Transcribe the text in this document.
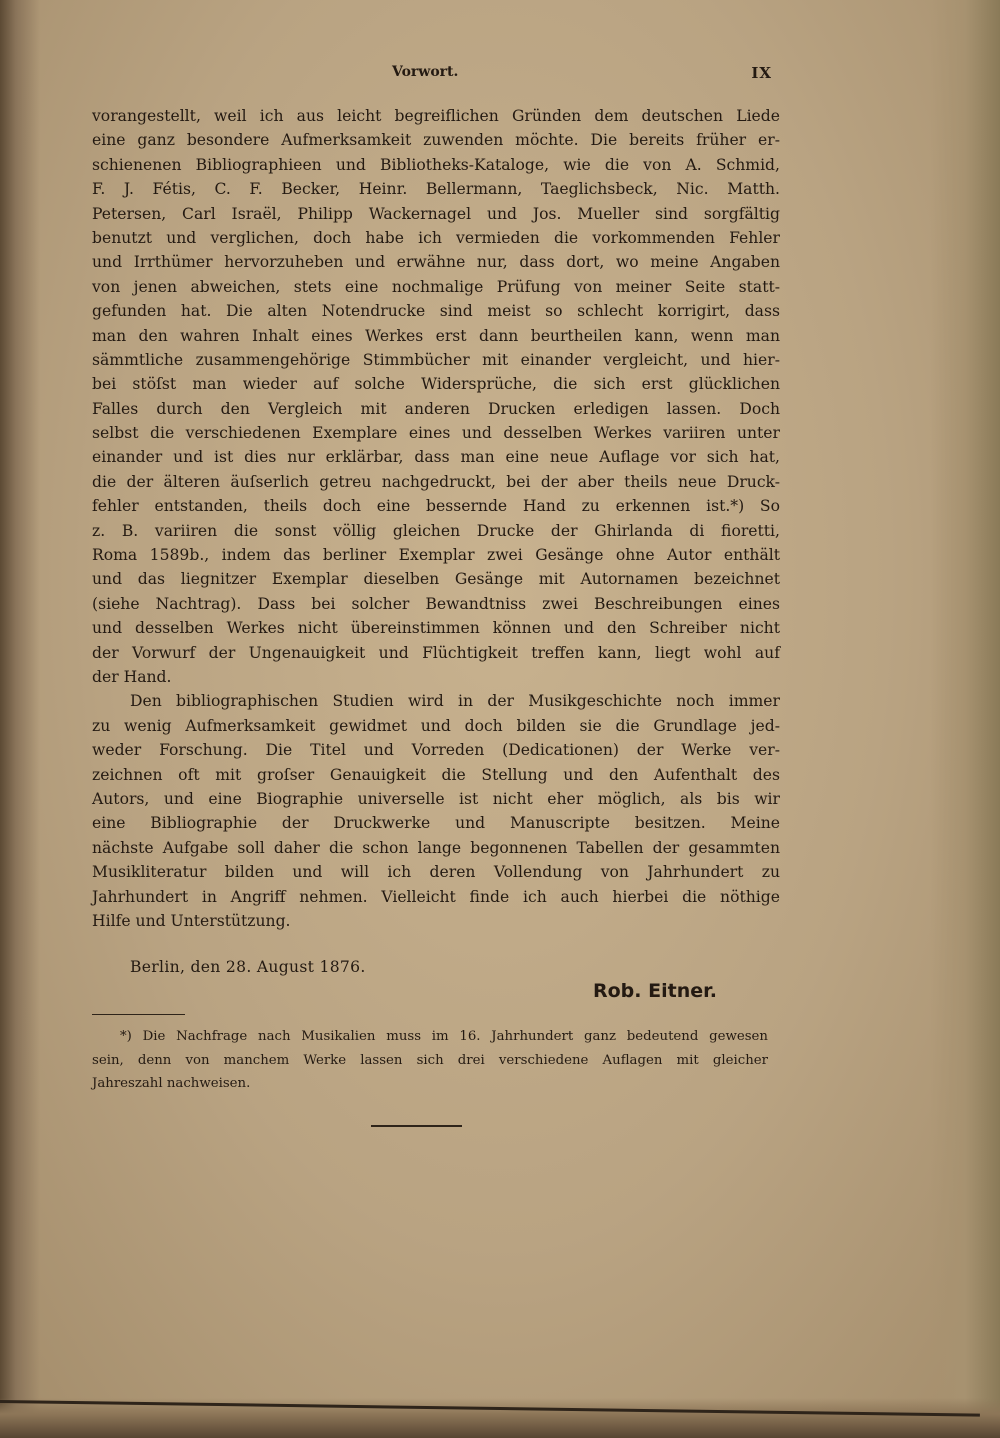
Vorwort.	IX
vorangestellt, weil ich aus leicht begreiflichen Gründen dem deutschen Liede
eine ganz besondere Aufmerksamkeit zuwenden möchte. Die bereits früher er-
schienenen Bibliographieen und Bibliotheks-Kataloge, wie die von A. Schmid,
F. J. Fétis, C. F. Becker, Heinr. Bellermann, Taeglichsbeck, Nic. Matth.
Petersen, Carl Israël, Philipp Wackernagel und Jos. Mueller sind sorgfältig
benutzt und verglichen, doch habe ich vermieden die vorkommenden Fehler
und Irrthümer hervorzuheben und erwähne nur, dass dort, wo meine Angaben
von jenen abweichen, stets eine nochmalige Prüfung von meiner Seite statt-
gefunden hat. Die alten Notendrucke sind meist so schlecht korrigirt, dass
man den wahren Inhalt eines Werkes erst dann beurtheilen kann, wenn man
sämmtliche zusammengehörige Stimmbücher mit einander vergleicht, und hier-
bei stöſst man wieder auf solche Widersprüche, die sich erst glücklichen
Falles durch den Vergleich mit anderen Drucken erledigen lassen. Doch
selbst die verschiedenen Exemplare eines und desselben Werkes variiren unter
einander und ist dies nur erklärbar, dass man eine neue Auflage vor sich hat,
die der älteren äuſserlich getreu nachgedruckt, bei der aber theils neue Druck-
fehler entstanden, theils doch eine bessernde Hand zu erkennen ist.*) So
z. B. variiren die sonst völlig gleichen Drucke der Ghirlanda di fioretti,
Roma 1589b., indem das berliner Exemplar zwei Gesänge ohne Autor enthält
und das liegnitzer Exemplar dieselben Gesänge mit Autornamen bezeichnet
(siehe Nachtrag). Dass bei solcher Bewandtniss zwei Beschreibungen eines
und desselben Werkes nicht übereinstimmen können und den Schreiber nicht
der Vorwurf der Ungenauigkeit und Flüchtigkeit treffen kann, liegt wohl auf
der Hand.
Den bibliographischen Studien wird in der Musikgeschichte noch immer
zu wenig Aufmerksamkeit gewidmet und doch bilden sie die Grundlage jed-
weder Forschung. Die Titel und Vorreden (Dedicationen) der Werke ver-
zeichnen oft mit groſser Genauigkeit die Stellung und den Aufenthalt des
Autors, und eine Biographie universelle ist nicht eher möglich, als bis wir
eine Bibliographie der Druckwerke und Manuscripte besitzen. Meine
nächste Aufgabe soll daher die schon lange begonnenen Tabellen der gesammten
Musikliteratur bilden und will ich deren Vollendung von Jahrhundert zu
Jahrhundert in Angriff nehmen. Vielleicht finde ich auch hierbei die nöthige
Hilfe und Unterstützung.
Berlin, den 28. August 1876.
Rob. Eitner.
*) Die Nachfrage nach Musikalien muss im 16. Jahrhundert ganz bedeutend gewesen
sein, denn von manchem Werke lassen sich drei verschiedene Auflagen mit gleicher
Jahreszahl nachweisen.
